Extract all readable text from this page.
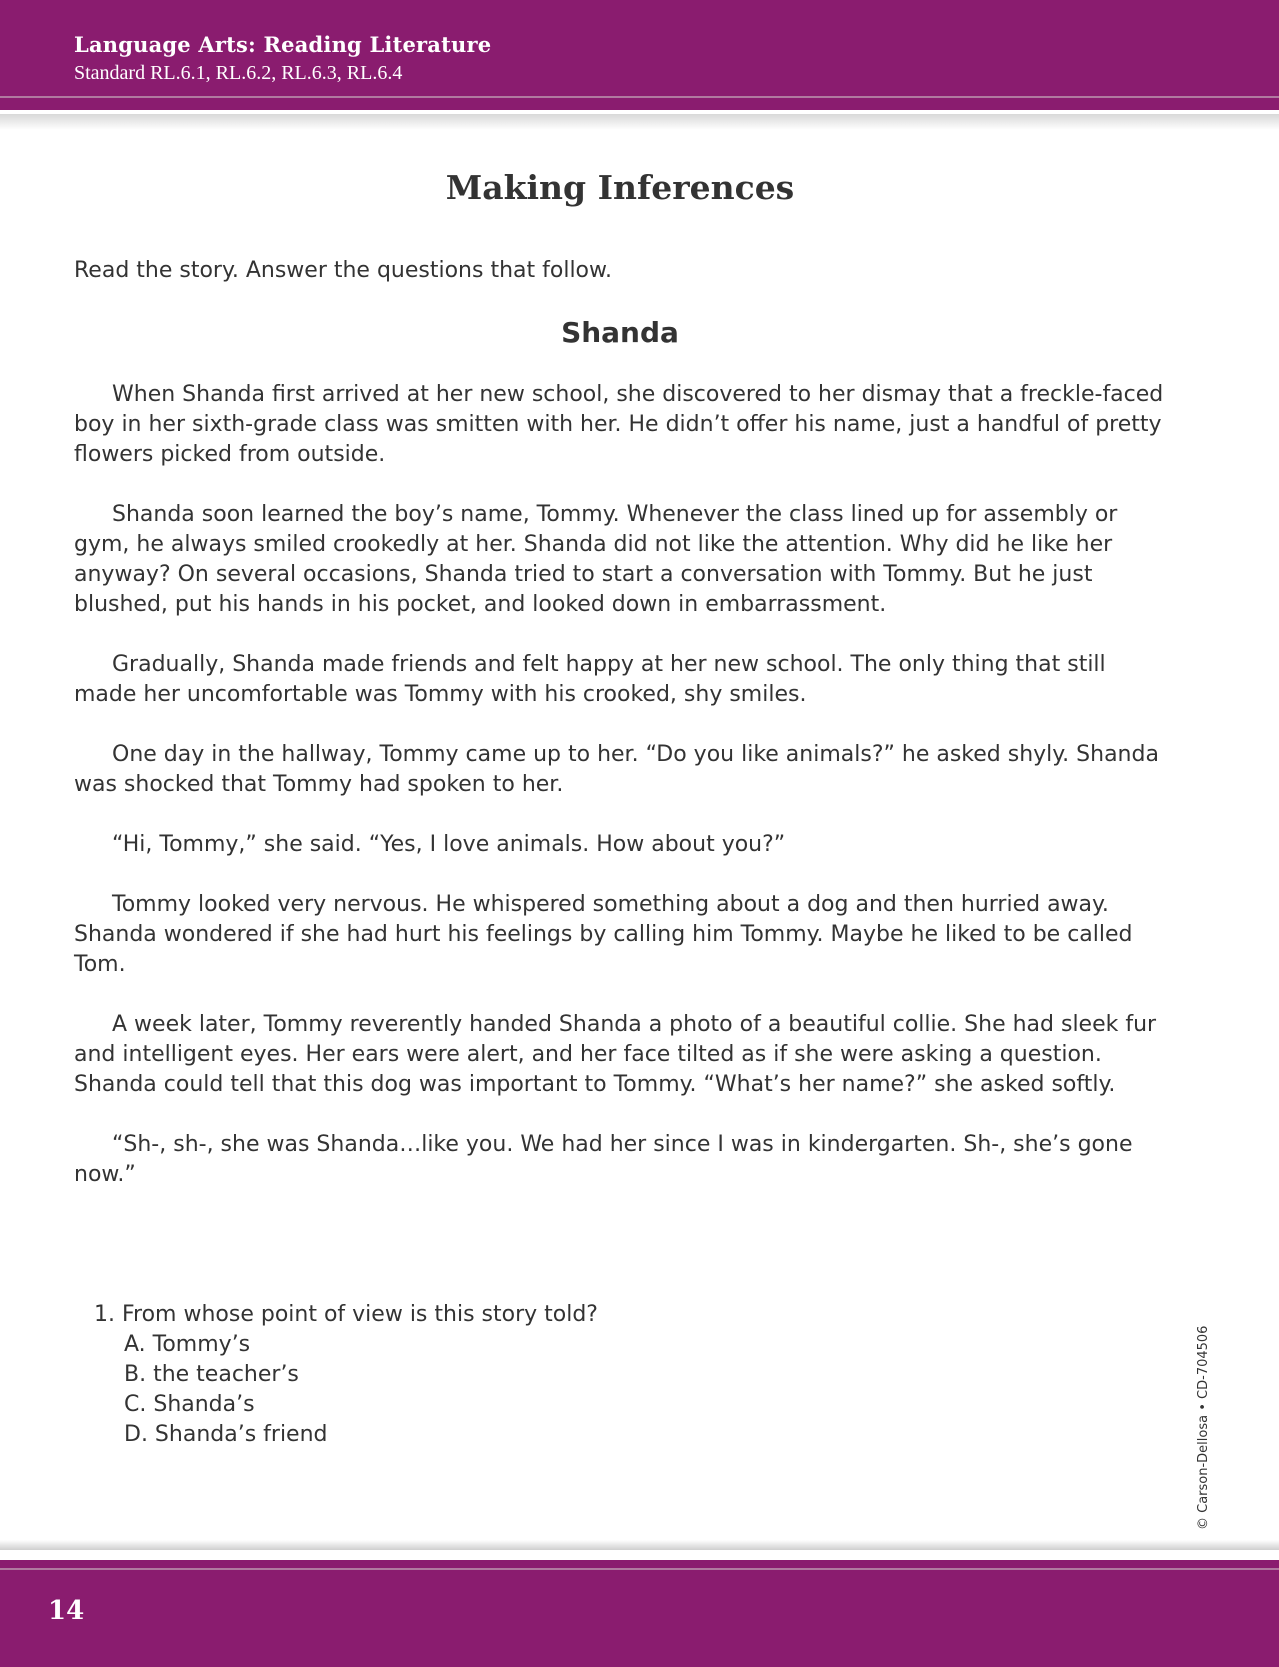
Language Arts: Reading Literature
Standard RL.6.1, RL.6.2, RL.6.3, RL.6.4
Making Inferences
Read the story. Answer the questions that follow.
Shanda

When Shanda first arrived at her new school, she discovered to her dismay that a freckle-faced boy in her sixth-grade class was smitten with her. He didn’t offer his name, just a handful of pretty flowers picked from outside.

Shanda soon learned the boy’s name, Tommy. Whenever the class lined up for assembly or gym, he always smiled crookedly at her. Shanda did not like the attention. Why did he like her anyway? On several occasions, Shanda tried to start a conversation with Tommy. But he just blushed, put his hands in his pocket, and looked down in embarrassment.

Gradually, Shanda made friends and felt happy at her new school. The only thing that still made her uncomfortable was Tommy with his crooked, shy smiles.

One day in the hallway, Tommy came up to her. “Do you like animals?” he asked shyly. Shanda was shocked that Tommy had spoken to her.

“Hi, Tommy,” she said. “Yes, I love animals. How about you?”

Tommy looked very nervous. He whispered something about a dog and then hurried away. Shanda wondered if she had hurt his feelings by calling him Tommy. Maybe he liked to be called Tom.

A week later, Tommy reverently handed Shanda a photo of a beautiful collie. She had sleek fur and intelligent eyes. Her ears were alert, and her face tilted as if she were asking a question. Shanda could tell that this dog was important to Tommy. “What’s her name?” she asked softly.

“Sh-, sh-, she was Shanda…like you. We had her since I was in kindergarten. Sh-, she’s gone now.”

1. From whose point of view is this story told?

A. Tommy’s

B. the teacher’s

C. Shanda’s

D. Shanda’s friend	© Carson-Dellosa • CD-704506
14
